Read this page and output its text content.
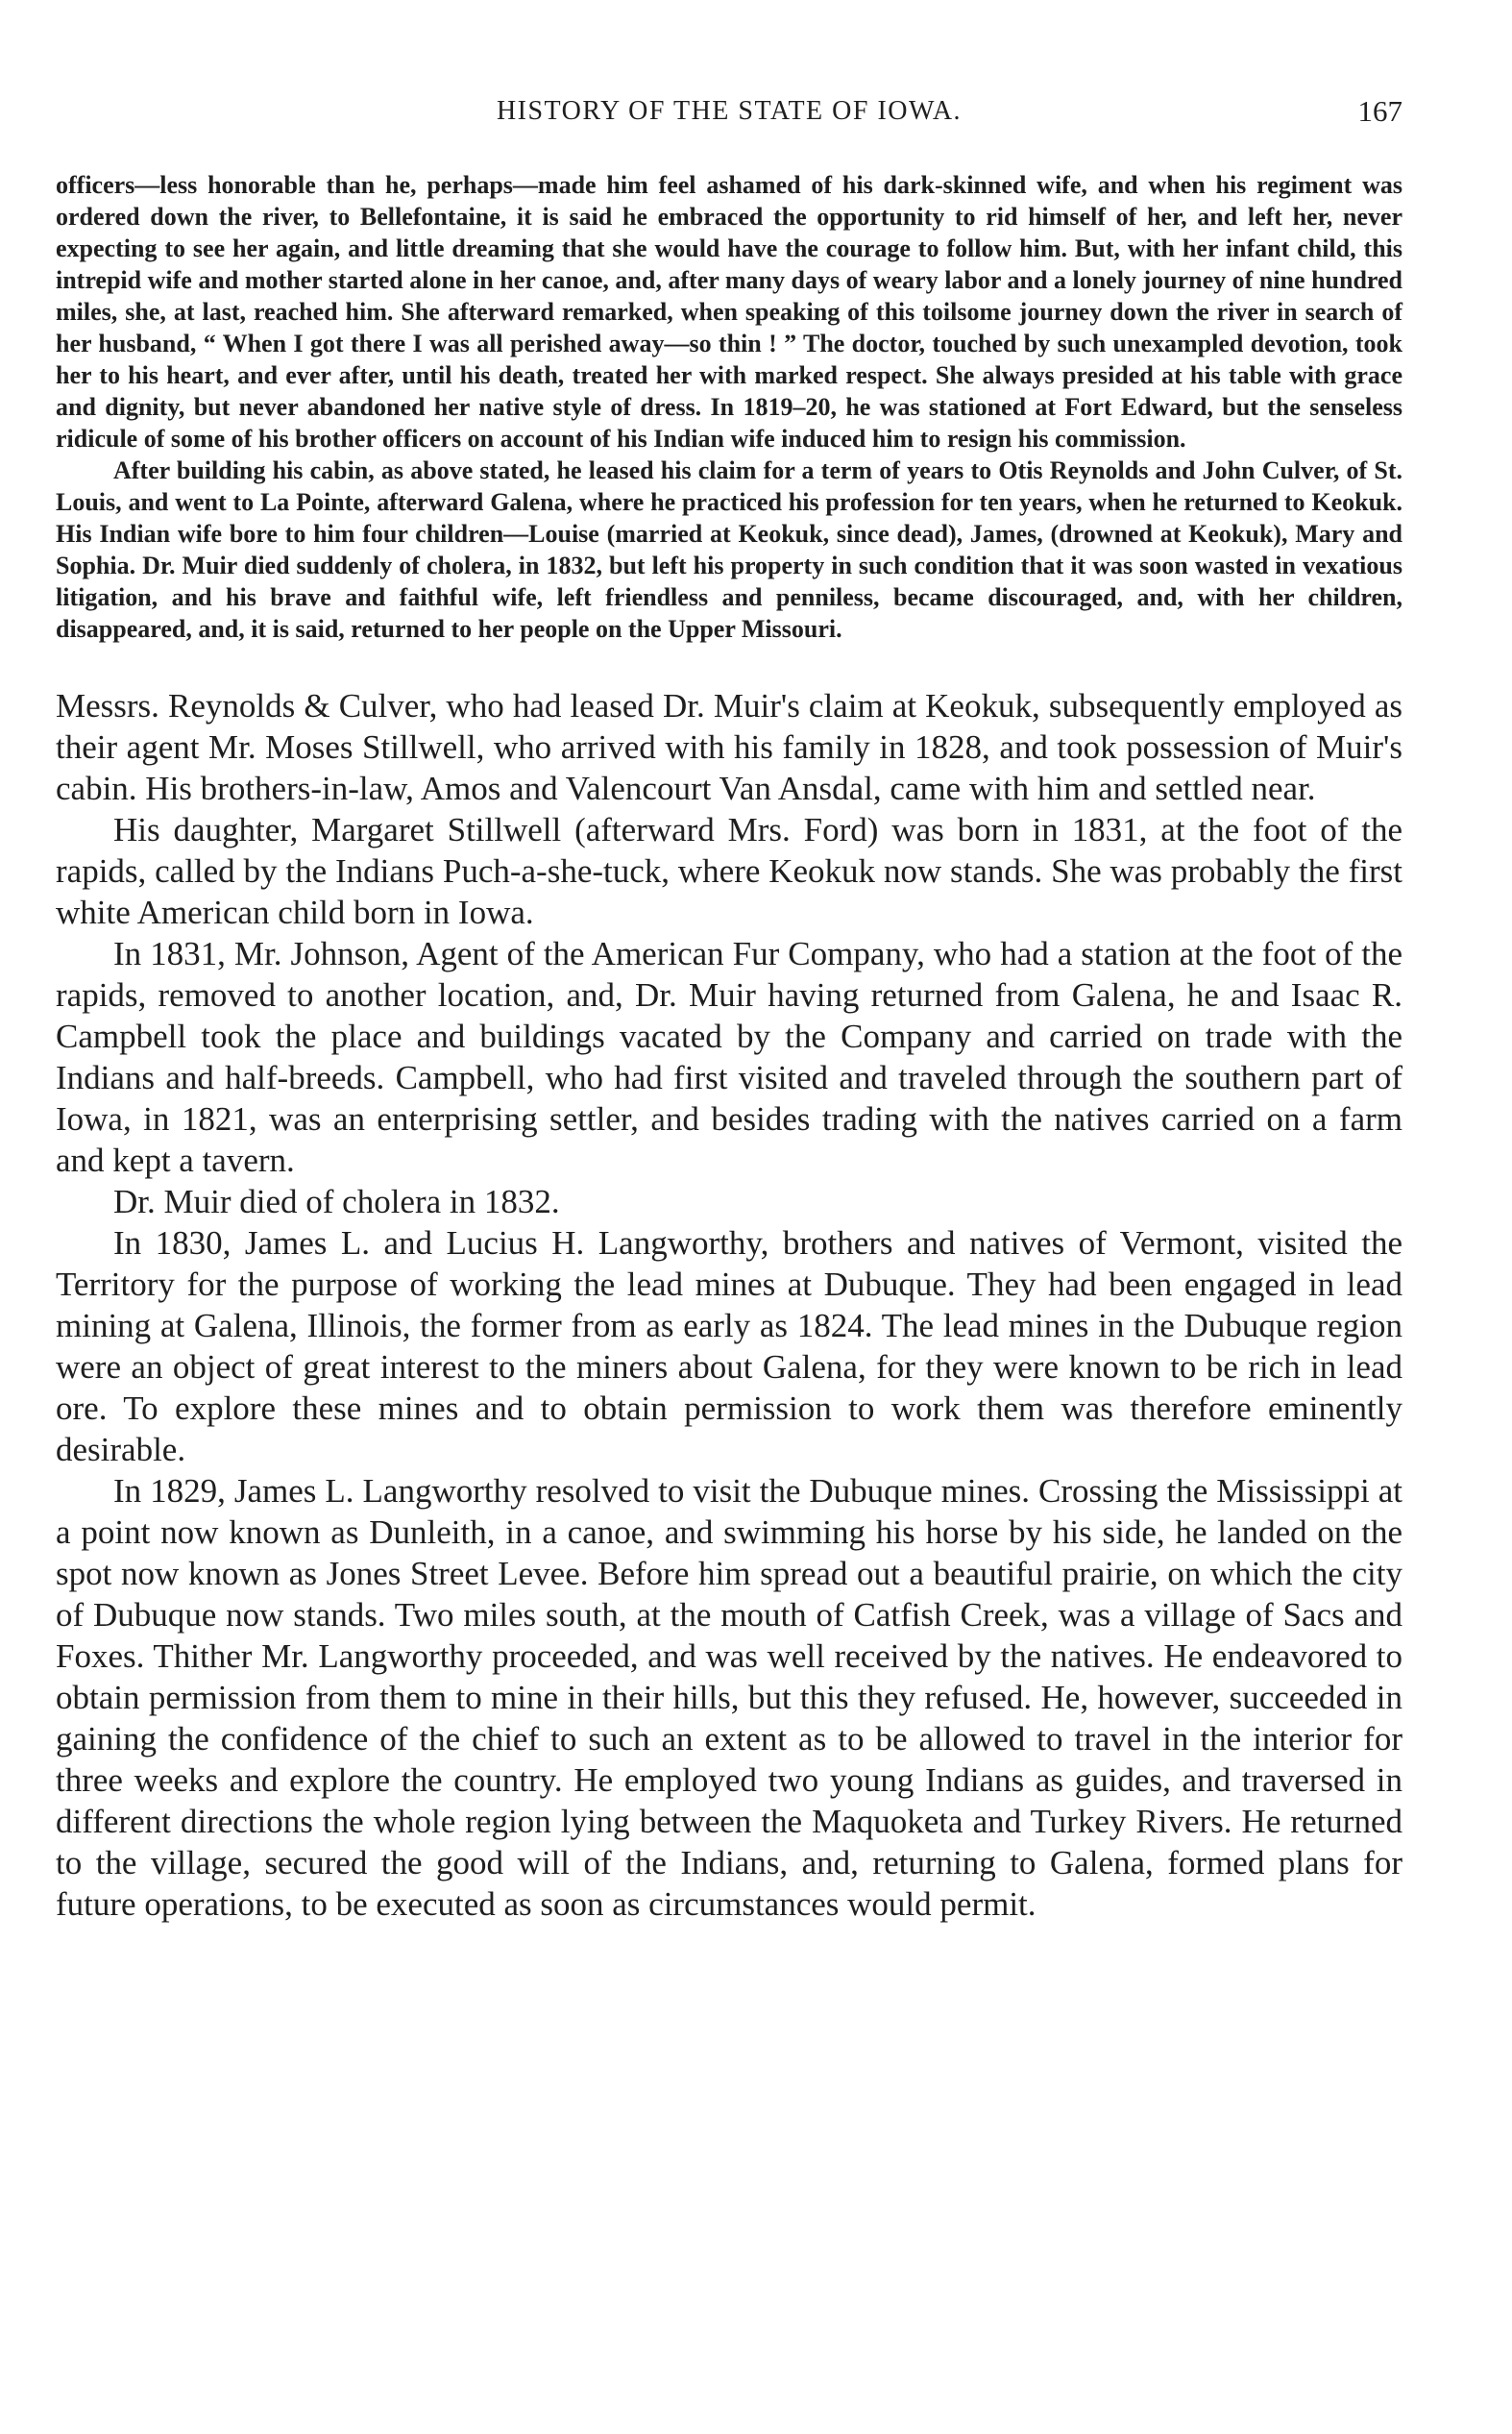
HISTORY OF THE STATE OF IOWA.	167

officers—less honorable than he, perhaps—made him feel ashamed of his dark-skinned wife, and when his regiment was ordered down the river, to Bellefontaine, it is said he embraced the opportunity to rid himself of her, and left her, never expecting to see her again, and little dreaming that she would have the courage to follow him. But, with her infant child, this intrepid wife and mother started alone in her canoe, and, after many days of weary labor and a lonely journey of nine hundred miles, she, at last, reached him. She afterward remarked, when speaking of this toilsome journey down the river in search of her husband, “ When I got there I was all perished away—so thin ! ” The doctor, touched by such unexampled devotion, took her to his heart, and ever after, until his death, treated her with marked respect. She always presided at his table with grace and dignity, but never abandoned her native style of dress. In 1819–20, he was stationed at Fort Edward, but the senseless ridicule of some of his brother officers on account of his Indian wife induced him to resign his commission.

After building his cabin, as above stated, he leased his claim for a term of years to Otis Reynolds and John Culver, of St. Louis, and went to La Pointe, afterward Galena, where he practiced his profession for ten years, when he returned to Keokuk. His Indian wife bore to him four children—Louise (married at Keokuk, since dead), James, (drowned at Keokuk), Mary and Sophia. Dr. Muir died suddenly of cholera, in 1832, but left his property in such condition that it was soon wasted in vexatious litigation, and his brave and faithful wife, left friendless and penniless, became discouraged, and, with her children, disappeared, and, it is said, returned to her people on the Upper Missouri.

Messrs. Reynolds & Culver, who had leased Dr. Muir's claim at Keokuk, subsequently employed as their agent Mr. Moses Stillwell, who arrived with his family in 1828, and took possession of Muir's cabin. His brothers-in-law, Amos and Valencourt Van Ansdal, came with him and settled near.

His daughter, Margaret Stillwell (afterward Mrs. Ford) was born in 1831, at the foot of the rapids, called by the Indians Puch-a-she-tuck, where Keokuk now stands. She was probably the first white American child born in Iowa.

In 1831, Mr. Johnson, Agent of the American Fur Company, who had a station at the foot of the rapids, removed to another location, and, Dr. Muir having returned from Galena, he and Isaac R. Campbell took the place and buildings vacated by the Company and carried on trade with the Indians and half-breeds. Campbell, who had first visited and traveled through the southern part of Iowa, in 1821, was an enterprising settler, and besides trading with the natives carried on a farm and kept a tavern.

Dr. Muir died of cholera in 1832.

In 1830, James L. and Lucius H. Langworthy, brothers and natives of Vermont, visited the Territory for the purpose of working the lead mines at Dubuque. They had been engaged in lead mining at Galena, Illinois, the former from as early as 1824. The lead mines in the Dubuque region were an object of great interest to the miners about Galena, for they were known to be rich in lead ore. To explore these mines and to obtain permission to work them was therefore eminently desirable.

In 1829, James L. Langworthy resolved to visit the Dubuque mines. Crossing the Mississippi at a point now known as Dunleith, in a canoe, and swimming his horse by his side, he landed on the spot now known as Jones Street Levee. Before him spread out a beautiful prairie, on which the city of Dubuque now stands. Two miles south, at the mouth of Catfish Creek, was a village of Sacs and Foxes. Thither Mr. Langworthy proceeded, and was well received by the natives. He endeavored to obtain permission from them to mine in their hills, but this they refused. He, however, succeeded in gaining the confidence of the chief to such an extent as to be allowed to travel in the interior for three weeks and explore the country. He employed two young Indians as guides, and traversed in different directions the whole region lying between the Maquoketa and Turkey Rivers. He returned to the village, secured the good will of the Indians, and, returning to Galena, formed plans for future operations, to be executed as soon as circumstances would permit.
